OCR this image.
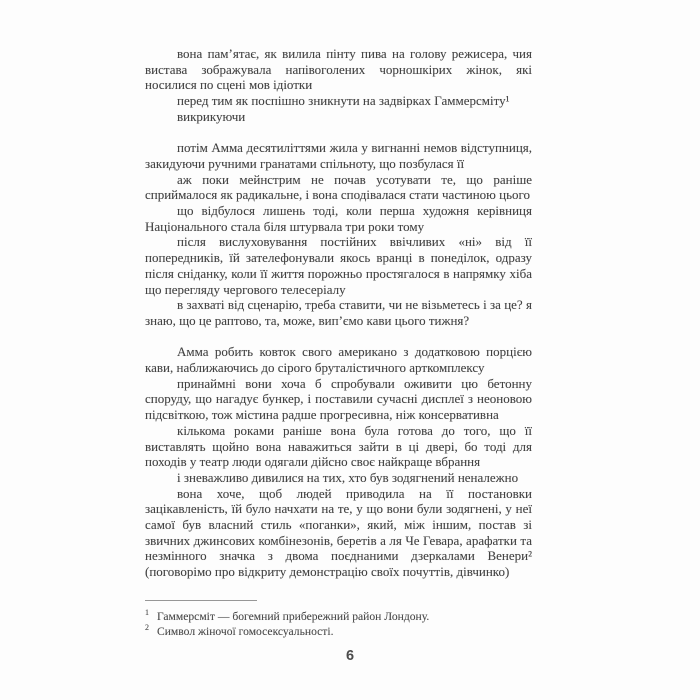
вона пам’ятає, як вилила пінту пива на голову режисера, чия вистава зображувала напівоголених чорношкірих жінок, які носилися по сцені мов ідіотки

перед тим як поспішно зникнути на задвірках Гаммерсміту¹

викрикуючи

потім Амма десятиліттями жила у вигнанні немов відступниця, закидуючи ручними гранатами спільноту, що позбулася її

аж поки мейнстрим не почав усотувати те, що раніше сприймалося як радикальне, і вона сподівалася стати частиною цього

що відбулося лишень тоді, коли перша художня керівниця Національного стала біля штурвала три роки тому

після вислуховування постійних ввічливих «ні» від її попередників, їй зателефонували якось вранці в понеділок, одразу після сніданку, коли її життя порожньо простягалося в напрямку хіба що перегляду чергового телесеріалу

в захваті від сценарію, треба ставити, чи не візьметесь і за це? я знаю, що це раптово, та, може, вип’ємо кави цього тижня?

Амма робить ковток свого американо з додатковою порцією кави, наближаючись до сірого бруталістичного арткомплексу

принаймні вони хоча б спробували оживити цю бетонну споруду, що нагадує бункер, і поставили сучасні дисплеї з неоновою підсвіткою, тож містина радше прогресивна, ніж консервативна

кількома роками раніше вона була готова до того, що її виставлять щойно вона наважиться зайти в ці двері, бо тоді для походів у театр люди одягали дійсно своє найкраще вбрання

і зневажливо дивилися на тих, хто був зодягнений неналежно

вона хоче, щоб людей приводила на її постановки зацікавленість, їй було начхати на те, у що вони були зодягнені, у неї самої був власний стиль «поганки», який, між іншим, постав зі звичних джинсових комбінезонів, беретів а ля Че Гевара, арафатки та незмінного значка з двома поєднаними дзеркалами Венери² (поговорімо про відкриту демонстрацію своїх почуттів, дівчинко)

$^1$ Гаммерсміт — богемний прибережний район Лондону.

$^2$ Символ жіночої гомосексуальності.

6
